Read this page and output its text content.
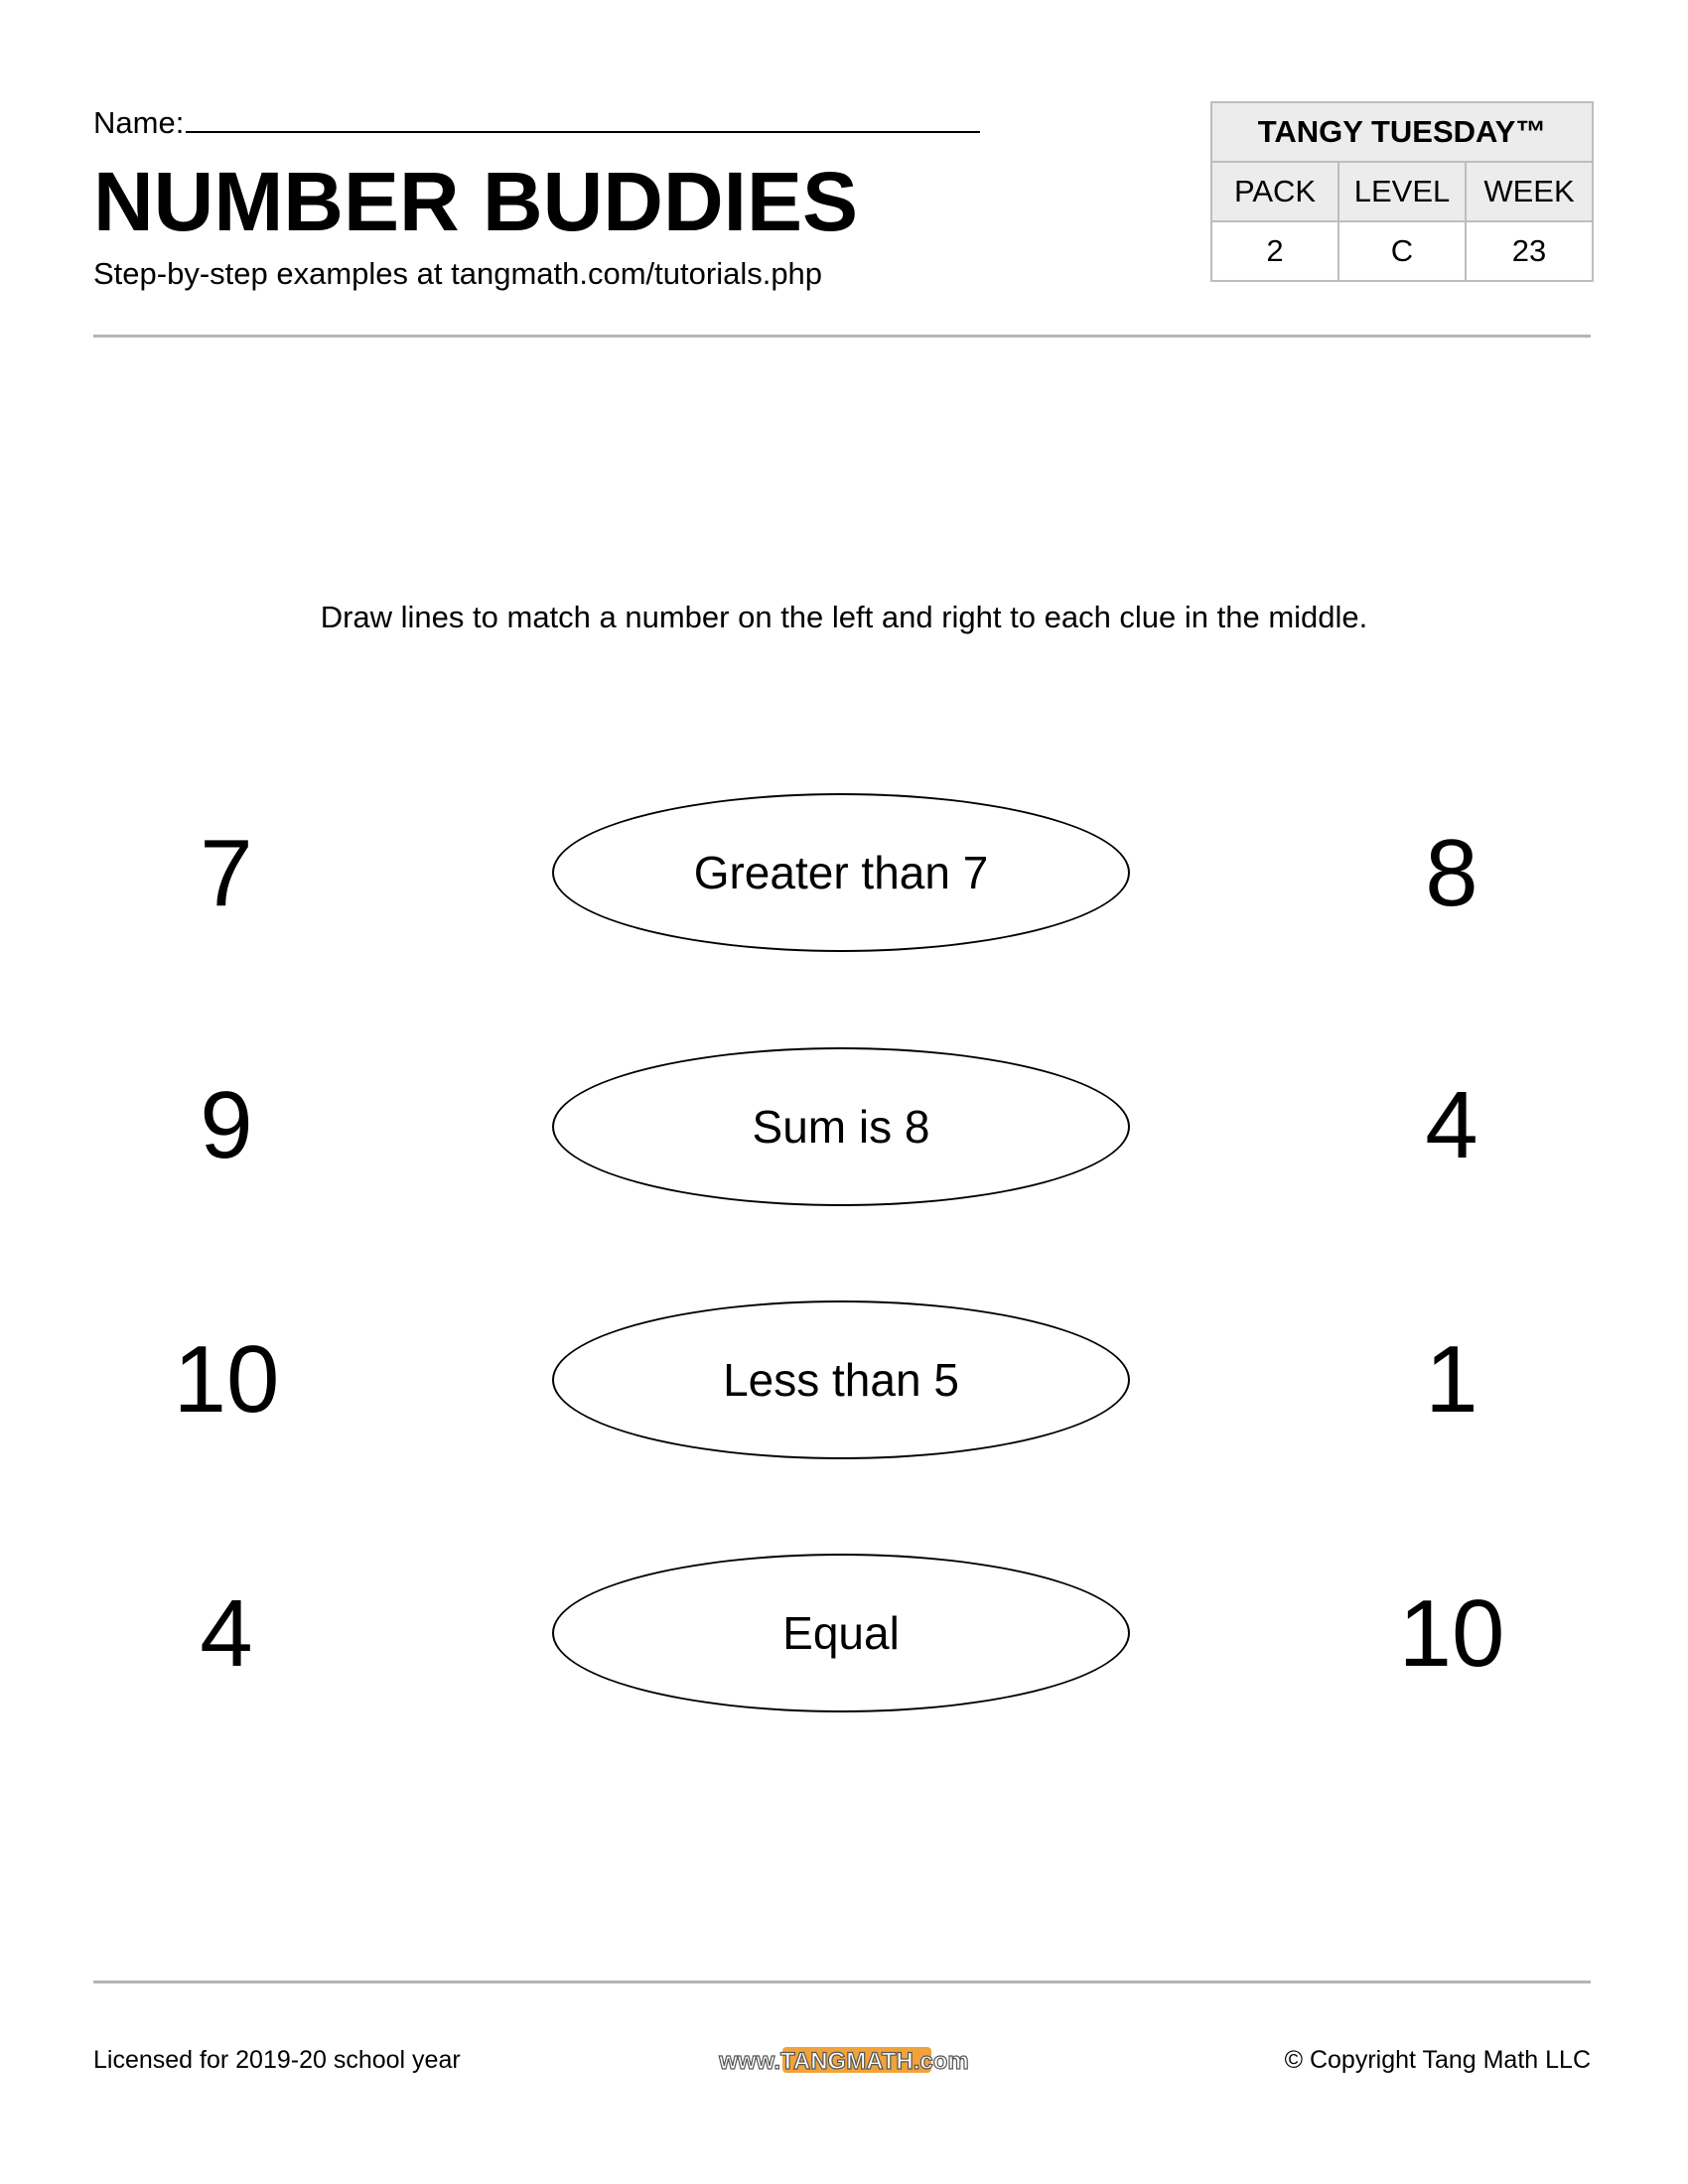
Name:
NUMBER BUDDIES
Step-by-step examples at tangmath.com/tutorials.php
TANGY TUESDAY™		
PACK	LEVEL	WEEK
2	C	23
Draw lines to match a number on the left and right to each clue in the middle.
7	Greater than 7	8
9	Sum is 8	4
10	Less than 5	1
4	Equal	10
Licensed for 2019-20 school year	www.TANGMATH.com	© Copyright Tang Math LLC
